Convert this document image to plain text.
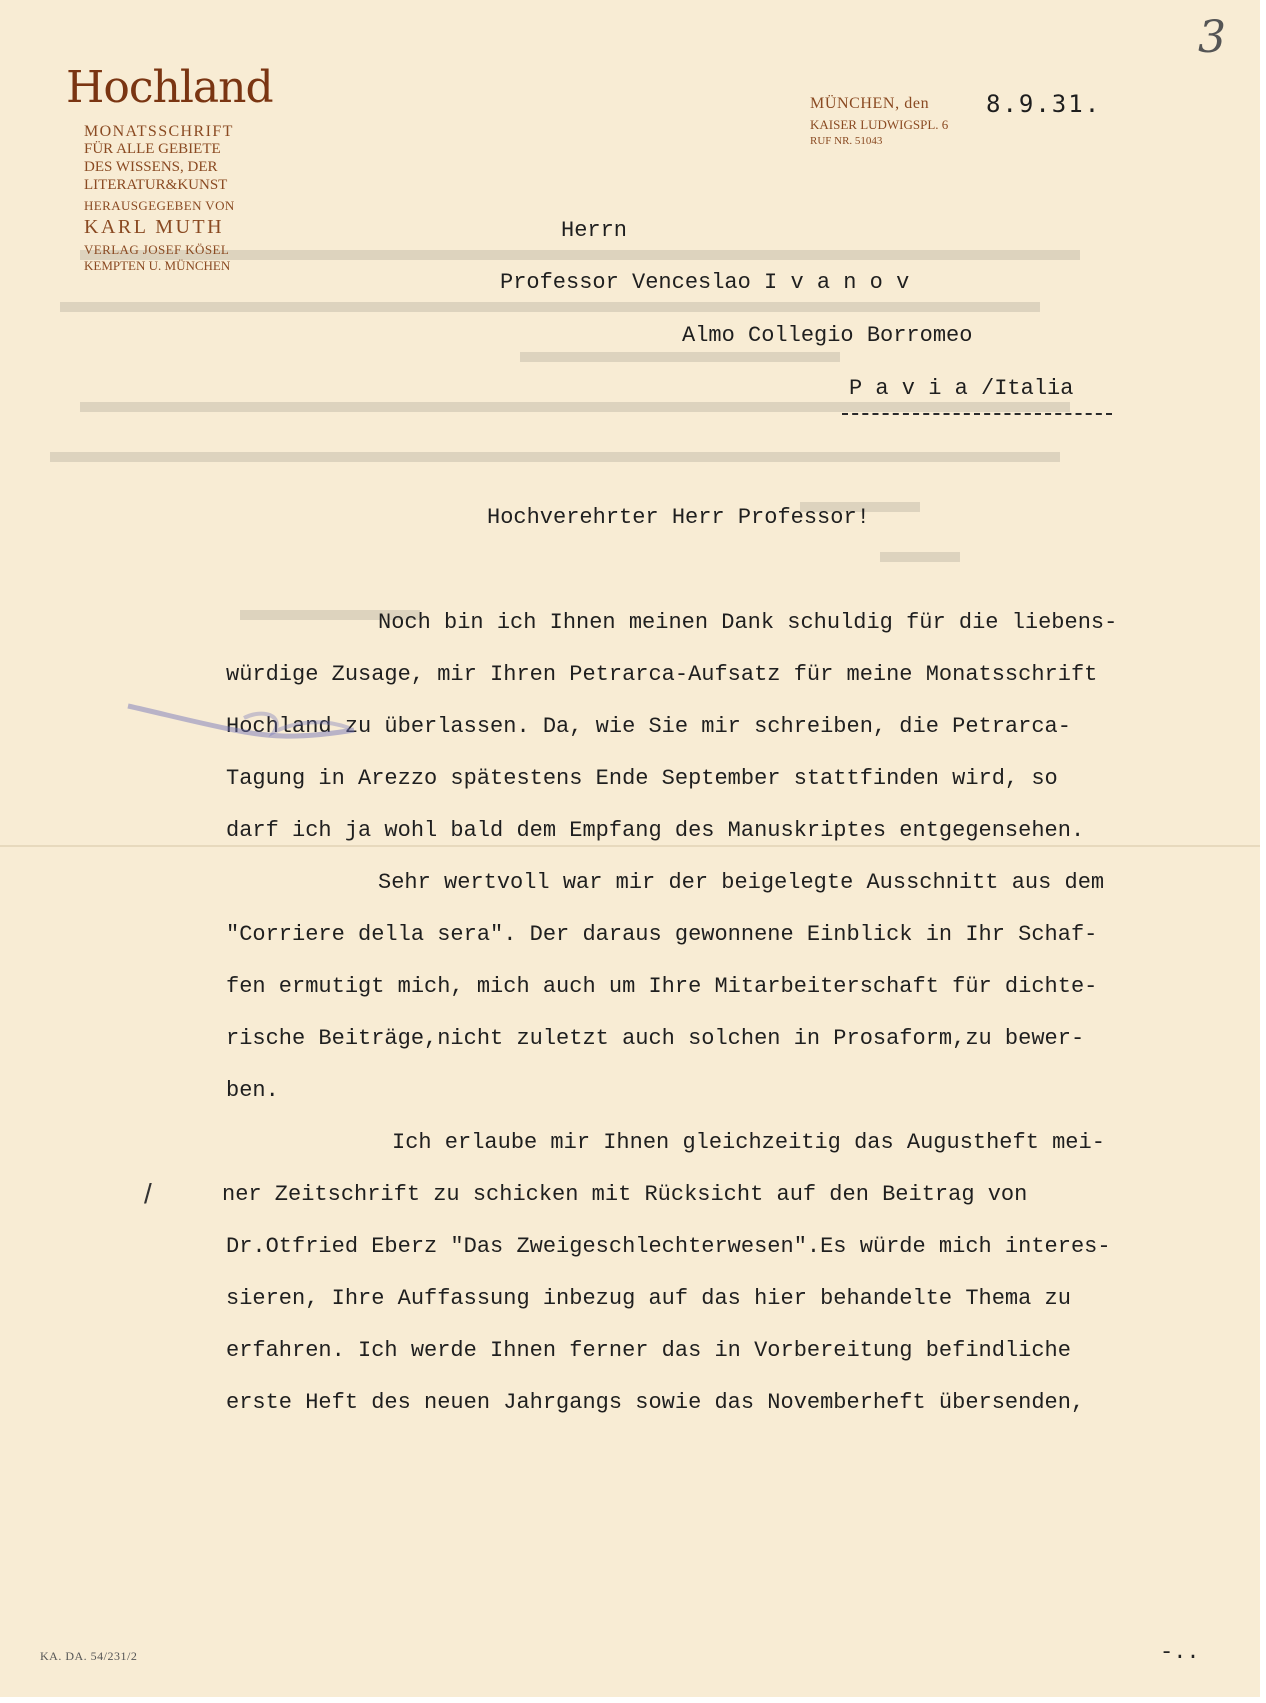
Hochland
MONATSSCHRIFT
FÜR ALLE GEBIETE
DES WISSENS, DER
LITERATUR&KUNST
HERAUSGEGEBEN VON
KARL MUTH
VERLAG JOSEF KÖSEL
KEMPTEN U. MÜNCHEN
MÜNCHEN, den
KAISER LUDWIGSPL. 6
RUF NR. 51043
8.9.31.
3
Herrn
Professor Venceslao I v a n o v
Almo Collegio Borromeo
P a v i a /Italia
Hochverehrter Herr Professor!
Noch bin ich Ihnen meinen Dank schuldig für die liebens-
würdige Zusage, mir Ihren Petrarca-Aufsatz für meine Monatsschrift
Hochland zu überlassen. Da, wie Sie mir schreiben, die Petrarca-
Tagung in Arezzo spätestens Ende September stattfinden wird, so
darf ich ja wohl bald dem Empfang des Manuskriptes entgegensehen.
Sehr wertvoll war mir der beigelegte Ausschnitt aus dem
"Corriere della sera". Der daraus gewonnene Einblick in Ihr Schaf-
fen ermutigt mich, mich auch um Ihre Mitarbeiterschaft für dichte-
rische Beiträge,nicht zuletzt auch solchen in Prosaform,zu bewer-
ben.
Ich erlaube mir Ihnen gleichzeitig das Augustheft mei-
ner Zeitschrift zu schicken mit Rücksicht auf den Beitrag von
Dr.Otfried Eberz "Das Zweigeschlechterwesen".Es würde mich interes-
sieren, Ihre Auffassung inbezug auf das hier behandelte Thema zu
erfahren. Ich werde Ihnen ferner das in Vorbereitung befindliche
erste Heft des neuen Jahrgangs sowie das Novemberheft übersenden,
/
KA. DA. 54/231/2	-..
